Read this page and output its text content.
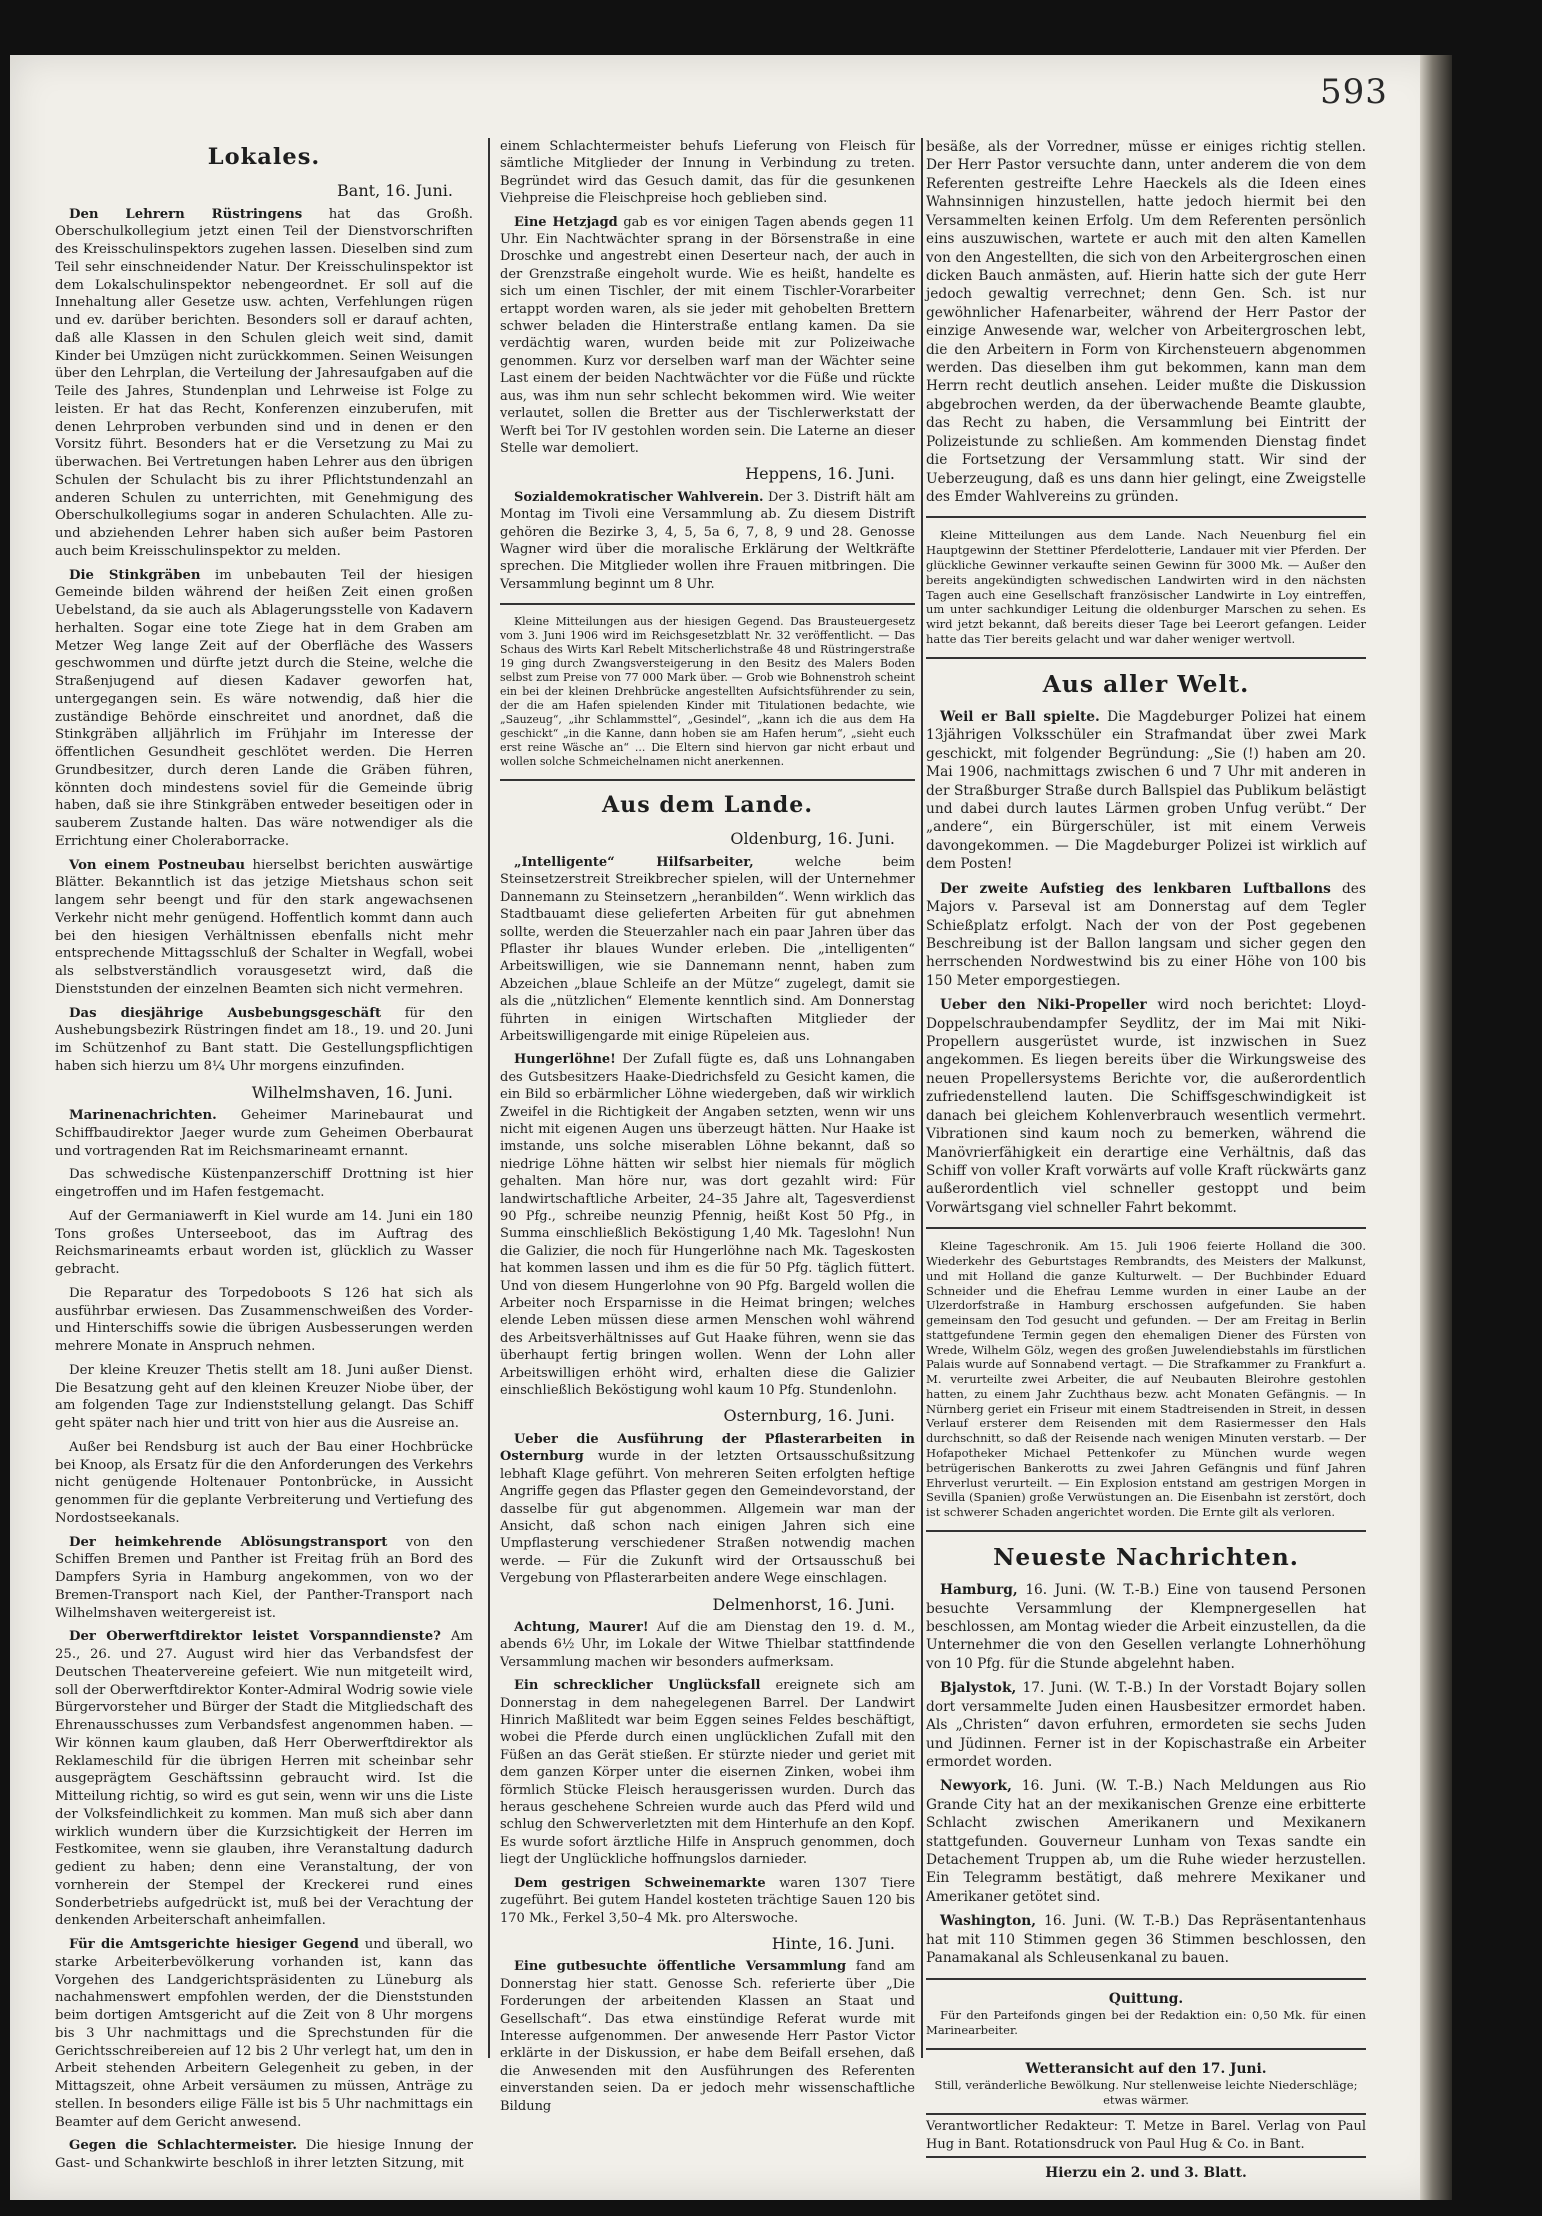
593
Lokales.
Bant, 16. Juni.

Den Lehrern Rüstringens hat das Großh. Oberschulkollegium jetzt einen Teil der Dienstvorschriften des Kreisschulinspektors zugehen lassen. Dieselben sind zum Teil sehr einschneidender Natur. Der Kreisschulinspektor ist dem Lokalschulinspektor nebengeordnet. Er soll auf die Innehaltung aller Gesetze usw. achten, Verfehlungen rügen und ev. darüber berichten. Besonders soll er darauf achten, daß alle Klassen in den Schulen gleich weit sind, damit Kinder bei Umzügen nicht zurückkommen. Seinen Weisungen über den Lehrplan, die Verteilung der Jahresaufgaben auf die Teile des Jahres, Stundenplan und Lehrweise ist Folge zu leisten. Er hat das Recht, Konferenzen einzuberufen, mit denen Lehrproben verbunden sind und in denen er den Vorsitz führt. Besonders hat er die Versetzung zu Mai zu überwachen. Bei Vertretungen haben Lehrer aus den übrigen Schulen der Schulacht bis zu ihrer Pflichtstundenzahl an anderen Schulen zu unterrichten, mit Genehmigung des Oberschulkollegiums sogar in anderen Schulachten. Alle zu- und abziehenden Lehrer haben sich außer beim Pastoren auch beim Kreisschulinspektor zu melden.

Die Stinkgräben im unbebauten Teil der hiesigen Gemeinde bilden während der heißen Zeit einen großen Uebelstand, da sie auch als Ablagerungsstelle von Kadavern herhalten. Sogar eine tote Ziege hat in dem Graben am Metzer Weg lange Zeit auf der Oberfläche des Wassers geschwommen und dürfte jetzt durch die Steine, welche die Straßenjugend auf diesen Kadaver geworfen hat, untergegangen sein. Es wäre notwendig, daß hier die zuständige Behörde einschreitet und anordnet, daß die Stinkgräben alljährlich im Frühjahr im Interesse der öffentlichen Gesundheit geschlötet werden. Die Herren Grundbesitzer, durch deren Lande die Gräben führen, könnten doch mindestens soviel für die Gemeinde übrig haben, daß sie ihre Stinkgräben entweder beseitigen oder in sauberem Zustande halten. Das wäre notwendiger als die Errichtung einer Choleraborracke.

Von einem Postneubau hierselbst berichten auswärtige Blätter. Bekanntlich ist das jetzige Mietshaus schon seit langem sehr beengt und für den stark angewachsenen Verkehr nicht mehr genügend. Hoffentlich kommt dann auch bei den hiesigen Verhältnissen ebenfalls nicht mehr entsprechende Mittagsschluß der Schalter in Wegfall, wobei als selbstverständlich vorausgesetzt wird, daß die Dienststunden der einzelnen Beamten sich nicht vermehren.

Das diesjährige Ausbebungsgeschäft für den Aushebungsbezirk Rüstringen findet am 18., 19. und 20. Juni im Schützenhof zu Bant statt. Die Gestellungspflichtigen haben sich hierzu um 8¼ Uhr morgens einzufinden.

Wilhelmshaven, 16. Juni.

Marinenachrichten. Geheimer Marinebaurat und Schiffbaudirektor Jaeger wurde zum Geheimen Oberbaurat und vortragenden Rat im Reichsmarineamt ernannt.

Das schwedische Küstenpanzerschiff Drottning ist hier eingetroffen und im Hafen festgemacht.

Auf der Germaniawerft in Kiel wurde am 14. Juni ein 180 Tons großes Unterseeboot, das im Auftrag des Reichsmarineamts erbaut worden ist, glücklich zu Wasser gebracht.

Die Reparatur des Torpedoboots S 126 hat sich als ausführbar erwiesen. Das Zusammenschweißen des Vorder- und Hinterschiffs sowie die übrigen Ausbesserungen werden mehrere Monate in Anspruch nehmen.

Der kleine Kreuzer Thetis stellt am 18. Juni außer Dienst. Die Besatzung geht auf den kleinen Kreuzer Niobe über, der am folgenden Tage zur Indienststellung gelangt. Das Schiff geht später nach hier und tritt von hier aus die Ausreise an.

Außer bei Rendsburg ist auch der Bau einer Hochbrücke bei Knoop, als Ersatz für die den Anforderungen des Verkehrs nicht genügende Holtenauer Pontonbrücke, in Aussicht genommen für die geplante Verbreiterung und Vertiefung des Nordostseekanals.

Der heimkehrende Ablösungstransport von den Schiffen Bremen und Panther ist Freitag früh an Bord des Dampfers Syria in Hamburg angekommen, von wo der Bremen-Transport nach Kiel, der Panther-Transport nach Wilhelmshaven weitergereist ist.

Der Oberwerftdirektor leistet Vorspanndienste? Am 25., 26. und 27. August wird hier das Verbandsfest der Deutschen Theatervereine gefeiert. Wie nun mitgeteilt wird, soll der Oberwerftdirektor Konter-Admiral Wodrig sowie viele Bürgervorsteher und Bürger der Stadt die Mitgliedschaft des Ehrenausschusses zum Verbandsfest angenommen haben. — Wir können kaum glauben, daß Herr Oberwerftdirektor als Reklameschild für die übrigen Herren mit scheinbar sehr ausgeprägtem Geschäftssinn gebraucht wird. Ist die Mitteilung richtig, so wird es gut sein, wenn wir uns die Liste der Volksfeindlichkeit zu kommen. Man muß sich aber dann wirklich wundern über die Kurzsichtigkeit der Herren im Festkomitee, wenn sie glauben, ihre Veranstaltung dadurch gedient zu haben; denn eine Veranstaltung, der von vornherein der Stempel der Kreckerei rund eines Sonderbetriebs aufgedrückt ist, muß bei der Verachtung der denkenden Arbeiterschaft anheimfallen.

Für die Amtsgerichte hiesiger Gegend und überall, wo starke Arbeiterbevölkerung vorhanden ist, kann das Vorgehen des Landgerichtspräsidenten zu Lüneburg als nachahmenswert empfohlen werden, der die Dienststunden beim dortigen Amtsgericht auf die Zeit von 8 Uhr morgens bis 3 Uhr nachmittags und die Sprechstunden für die Gerichtsschreibereien auf 12 bis 2 Uhr verlegt hat, um den in Arbeit stehenden Arbeitern Gelegenheit zu geben, in der Mittagszeit, ohne Arbeit versäumen zu müssen, Anträge zu stellen. In besonders eilige Fälle ist bis 5 Uhr nachmittags ein Beamter auf dem Gericht anwesend.

Gegen die Schlachtermeister. Die hiesige Innung der Gast- und Schankwirte beschloß in ihrer letzten Sitzung, mit

einem Schlachtermeister behufs Lieferung von Fleisch für sämtliche Mitglieder der Innung in Verbindung zu treten. Begründet wird das Gesuch damit, das für die gesunkenen Viehpreise die Fleischpreise hoch geblieben sind.

Eine Hetzjagd gab es vor einigen Tagen abends gegen 11 Uhr. Ein Nachtwächter sprang in der Börsenstraße in eine Droschke und angestrebt einen Deserteur nach, der auch in der Grenzstraße eingeholt wurde. Wie es heißt, handelte es sich um einen Tischler, der mit einem Tischler-Vorarbeiter ertappt worden waren, als sie jeder mit gehobelten Brettern schwer beladen die Hinterstraße entlang kamen. Da sie verdächtig waren, wurden beide mit zur Polizeiwache genommen. Kurz vor derselben warf man der Wächter seine Last einem der beiden Nachtwächter vor die Füße und rückte aus, was ihm nun sehr schlecht bekommen wird. Wie weiter verlautet, sollen die Bretter aus der Tischlerwerkstatt der Werft bei Tor IV gestohlen worden sein. Die Laterne an dieser Stelle war demoliert.

Heppens, 16. Juni.

Sozialdemokratischer Wahlverein. Der 3. Distrift hält am Montag im Tivoli eine Versammlung ab. Zu diesem Distrift gehören die Bezirke 3, 4, 5, 5a 6, 7, 8, 9 und 28. Genosse Wagner wird über die moralische Erklärung der Weltkräfte sprechen. Die Mitglieder wollen ihre Frauen mitbringen. Die Versammlung beginnt um 8 Uhr.

Kleine Mitteilungen aus der hiesigen Gegend. Das Brausteuergesetz vom 3. Juni 1906 wird im Reichsgesetzblatt Nr. 32 veröffentlicht. — Das Schaus des Wirts Karl Rebelt Mitscherlichstraße 48 und Rüstringerstraße 19 ging durch Zwangsversteigerung in den Besitz des Malers Boden selbst zum Preise von 77 000 Mark über. — Grob wie Bohnenstroh scheint ein bei der kleinen Drehbrücke angestellten Aufsichtsführender zu sein, der die am Hafen spielenden Kinder mit Titulationen bedachte, wie „Sauzeug“, „ihr Schlammsttel“, „Gesindel“, „kann ich die aus dem Ha geschickt“ „in die Kanne, dann hoben sie am Hafen herum“, „sieht euch erst reine Wäsche an“ ... Die Eltern sind hiervon gar nicht erbaut und wollen solche Schmeichelnamen nicht anerkennen.

Aus dem Lande.
Oldenburg, 16. Juni.

„Intelligente“ Hilfsarbeiter,	welche beim Steinsetzerstreit Streikbrecher spielen, will der Unternehmer Dannemann zu Steinsetzern „heranbilden“. Wenn wirklich das Stadtbauamt diese gelieferten Arbeiten für gut abnehmen sollte, werden die Steuerzahler nach ein paar Jahren über das Pflaster ihr blaues Wunder erleben. Die „intelligenten“ Arbeitswilligen, wie sie Dannemann nennt, haben zum Abzeichen „blaue Schleife an der Mütze“ zugelegt, damit sie als die „nützlichen“ Elemente kenntlich sind. Am Donnerstag führten in einigen Wirtschaften Mitglieder der Arbeitswilligengarde mit einige Rüpeleien aus.

Hungerlöhne! Der Zufall fügte es, daß uns Lohnangaben des Gutsbesitzers Haake-Diedrichsfeld zu Gesicht kamen, die ein Bild so erbärmlicher Löhne wiedergeben, daß wir wirklich Zweifel in die Richtigkeit der Angaben setzten, wenn wir uns nicht mit eigenen Augen uns überzeugt hätten. Nur Haake ist imstande, uns solche miserablen Löhne bekannt, daß so niedrige Löhne hätten wir selbst hier niemals für möglich gehalten. Man höre nur, was dort gezahlt wird: Für landwirtschaftliche Arbeiter, 24–35 Jahre alt, Tagesverdienst 90 Pfg., schreibe neunzig Pfennig, heißt Kost 50 Pfg., in Summa einschließlich Beköstigung 1,40 Mk. Tageslohn! Nun die Galizier, die noch für Hungerlöhne nach Mk. Tageskosten hat kommen lassen und ihm es die für 50 Pfg. täglich füttert. Und von diesem Hungerlohne von 90 Pfg. Bargeld wollen die Arbeiter noch Ersparnisse in die Heimat bringen; welches elende Leben müssen diese armen Menschen wohl während des Arbeitsverhältnisses auf Gut Haake führen, wenn sie das überhaupt fertig bringen wollen. Wenn der Lohn aller Arbeitswilligen erhöht wird, erhalten diese die Galizier einschließlich Beköstigung wohl kaum 10 Pfg. Stundenlohn.

Osternburg, 16. Juni.

Ueber die Ausführung der Pflasterarbeiten in Osternburg wurde in der letzten Ortsausschußsitzung lebhaft Klage geführt. Von mehreren Seiten erfolgten heftige Angriffe gegen das Pflaster gegen den Gemeindevorstand, der dasselbe für gut abgenommen. Allgemein war man der Ansicht, daß schon nach einigen Jahren sich eine Umpflasterung verschiedener Straßen notwendig machen werde. — Für die Zukunft wird der Ortsausschuß bei Vergebung von Pflasterarbeiten andere Wege einschlagen.

Delmenhorst, 16. Juni.

Achtung, Maurer! Auf die am Dienstag den 19. d. M., abends 6½ Uhr, im Lokale der Witwe Thielbar stattfindende Versammlung machen wir besonders aufmerksam.

Ein schrecklicher Unglücksfall ereignete sich am Donnerstag in dem nahegelegenen Barrel. Der Landwirt Hinrich Maßlitedt war beim Eggen seines Feldes beschäftigt, wobei die Pferde durch einen unglücklichen Zufall mit den Füßen an das Gerät stießen. Er stürzte nieder und geriet mit dem ganzen Körper unter die eisernen Zinken, wobei ihm förmlich Stücke Fleisch herausgerissen wurden. Durch das heraus geschehene Schreien wurde auch das Pferd wild und schlug den Schwerverletzten mit dem Hinterhufe an den Kopf. Es wurde sofort ärztliche Hilfe in Anspruch genommen, doch liegt der Unglückliche hoffnungslos darnieder.

Dem gestrigen Schweinemarkte waren 1307 Tiere zugeführt. Bei gutem Handel kosteten trächtige Sauen 120 bis 170 Mk., Ferkel 3,50–4 Mk. pro Alterswoche.

Hinte, 16. Juni.

Eine gutbesuchte öffentliche Versammlung fand am Donnerstag hier statt. Genosse Sch. referierte über „Die Forderungen der arbeitenden Klassen an Staat und Gesellschaft“. Das etwa einstündige Referat wurde mit Interesse aufgenommen. Der anwesende Herr Pastor Victor erklärte in der Diskussion, er habe dem Beifall ersehen, daß die Anwesenden mit den Ausführungen des Referenten einverstanden seien. Da er jedoch mehr wissenschaftliche Bildung

besäße, als der Vorredner, müsse er einiges richtig stellen. Der Herr Pastor versuchte dann, unter anderem die von dem Referenten gestreifte Lehre Haeckels als die Ideen eines Wahnsinnigen hinzustellen, hatte jedoch hiermit bei den Versammelten keinen Erfolg. Um dem Referenten persönlich eins auszuwischen, wartete er auch mit den alten Kamellen von den Angestellten, die sich von den Arbeitergroschen einen dicken Bauch anmästen, auf. Hierin hatte sich der gute Herr jedoch gewaltig verrechnet; denn Gen. Sch. ist nur gewöhnlicher Hafenarbeiter, während der Herr Pastor der einzige Anwesende war, welcher von Arbeitergroschen lebt, die den Arbeitern in Form von Kirchensteuern abgenommen werden. Das dieselben ihm gut bekommen, kann man dem Herrn recht deutlich ansehen. Leider mußte die Diskussion abgebrochen werden, da der überwachende Beamte glaubte, das Recht zu haben, die Versammlung bei Eintritt der Polizeistunde zu schließen. Am kommenden Dienstag findet die Fortsetzung der Versammlung statt. Wir sind der Ueberzeugung, daß es uns dann hier gelingt, eine Zweigstelle des Emder Wahlvereins zu gründen.

Kleine Mitteilungen aus dem Lande. Nach Neuenburg fiel ein Hauptgewinn der Stettiner Pferdelotterie, Landauer mit vier Pferden. Der glückliche Gewinner verkaufte seinen Gewinn für 3000 Mk. — Außer den bereits angekündigten schwedischen Landwirten wird in den nächsten Tagen auch eine Gesellschaft französischer Landwirte in Loy eintreffen, um unter sachkundiger Leitung die oldenburger Marschen zu sehen. Es wird jetzt bekannt, daß bereits dieser Tage bei Leerort gefangen. Leider hatte das Tier bereits gelacht und war daher weniger wertvoll.

Aus aller Welt.

Weil er Ball spielte. Die Magdeburger Polizei hat einem 13jährigen Volksschüler ein Strafmandat über zwei Mark geschickt, mit folgender Begründung: „Sie (!) haben am 20. Mai 1906, nachmittags zwischen 6 und 7 Uhr mit anderen in der Straßburger Straße durch Ballspiel das Publikum belästigt und dabei durch lautes Lärmen groben Unfug verübt.“ Der „andere“, ein Bürgerschüler, ist mit einem Verweis davongekommen. — Die Magdeburger Polizei ist wirklich auf dem Posten!

Der zweite Aufstieg des lenkbaren Luftballons des Majors v. Parseval ist am Donnerstag auf dem Tegler Schießplatz erfolgt. Nach der von der Post gegebenen Beschreibung ist der Ballon langsam und sicher gegen den herrschenden Nordwestwind bis zu einer Höhe von 100 bis 150 Meter emporgestiegen.

Ueber den Niki-Propeller wird noch berichtet: Lloyd-Doppelschraubendampfer Seydlitz, der im Mai mit Niki-Propellern ausgerüstet wurde, ist inzwischen in Suez angekommen. Es liegen bereits über die Wirkungsweise des neuen Propellersystems Berichte vor, die außerordentlich zufriedenstellend lauten. Die Schiffsgeschwindigkeit ist danach bei gleichem Kohlenverbrauch wesentlich vermehrt. Vibrationen sind kaum noch zu bemerken, während die Manövrierfähigkeit ein derartige eine Verhältnis, daß das Schiff von voller Kraft vorwärts auf volle Kraft rückwärts ganz außerordentlich viel schneller gestoppt und beim Vorwärtsgang viel schneller Fahrt bekommt.

Kleine Tageschronik. Am 15. Juli 1906 feierte Holland die 300. Wiederkehr des Geburtstages Rembrandts, des Meisters der Malkunst, und mit Holland die ganze Kulturwelt. — Der Buchbinder Eduard Schneider und die Ehefrau Lemme wurden in einer Laube an der Ulzerdorfstraße in Hamburg erschossen aufgefunden. Sie haben gemeinsam den Tod gesucht und gefunden. — Der am Freitag in Berlin stattgefundene Termin gegen den ehemaligen Diener des Fürsten von Wrede, Wilhelm Gölz, wegen des großen Juwelendiebstahls im fürstlichen Palais wurde auf Sonnabend vertagt. — Die Strafkammer zu Frankfurt a. M. verurteilte zwei Arbeiter, die auf Neubauten Bleirohre gestohlen hatten, zu einem Jahr Zuchthaus bezw. acht Monaten Gefängnis. — In Nürnberg geriet ein Friseur mit einem Stadtreisenden in Streit, in dessen Verlauf ersterer dem Reisenden mit dem Rasiermesser den Hals durchschnitt, so daß der Reisende nach wenigen Minuten verstarb. — Der Hofapotheker Michael Pettenkofer zu München wurde wegen betrügerischen Bankerotts zu zwei Jahren Gefängnis und fünf Jahren Ehrverlust verurteilt. — Ein Explosion entstand am gestrigen Morgen in Sevilla (Spanien) große Verwüstungen an. Die Eisenbahn ist zerstört, doch ist schwerer Schaden angerichtet worden. Die Ernte gilt als verloren.

Neueste Nachrichten.

Hamburg, 16. Juni. (W. T.-B.) Eine von tausend Personen besuchte Versammlung der Klempnergesellen hat beschlossen, am Montag wieder die Arbeit einzustellen, da die Unternehmer die von den Gesellen verlangte Lohnerhöhung von 10 Pfg. für die Stunde abgelehnt haben.

Bjalystok, 17. Juni. (W. T.-B.) In der Vorstadt Bojary sollen dort versammelte Juden einen Hausbesitzer ermordet haben. Als „Christen“ davon erfuhren, ermordeten sie sechs Juden und Jüdinnen. Ferner ist in der Kopischastraße ein Arbeiter ermordet worden.

Newyork, 16. Juni. (W. T.-B.) Nach Meldungen aus Rio Grande City hat an der mexikanischen Grenze eine erbitterte Schlacht zwischen Amerikanern und Mexikanern stattgefunden. Gouverneur Lunham von Texas sandte ein Detachement Truppen ab, um die Ruhe wieder herzustellen. Ein Telegramm bestätigt, daß mehrere Mexikaner und Amerikaner getötet sind.

Washington, 16. Juni. (W. T.-B.) Das Repräsentantenhaus hat mit 110 Stimmen gegen 36 Stimmen beschlossen, den Panamakanal als Schleusenkanal zu bauen.

Quittung.

Für den Parteifonds gingen bei der Redaktion ein: 0,50 Mk. für einen Marinearbeiter.

Wetteransicht auf den 17. Juni.

Still, veränderliche Bewölkung. Nur stellenweise leichte Niederschläge; etwas wärmer.

Verantwortlicher Redakteur: T. Metze in Barel. Verlag von Paul Hug in Bant. Rotationsdruck von Paul Hug & Co. in Bant.
Hierzu ein 2. und 3. Blatt.
